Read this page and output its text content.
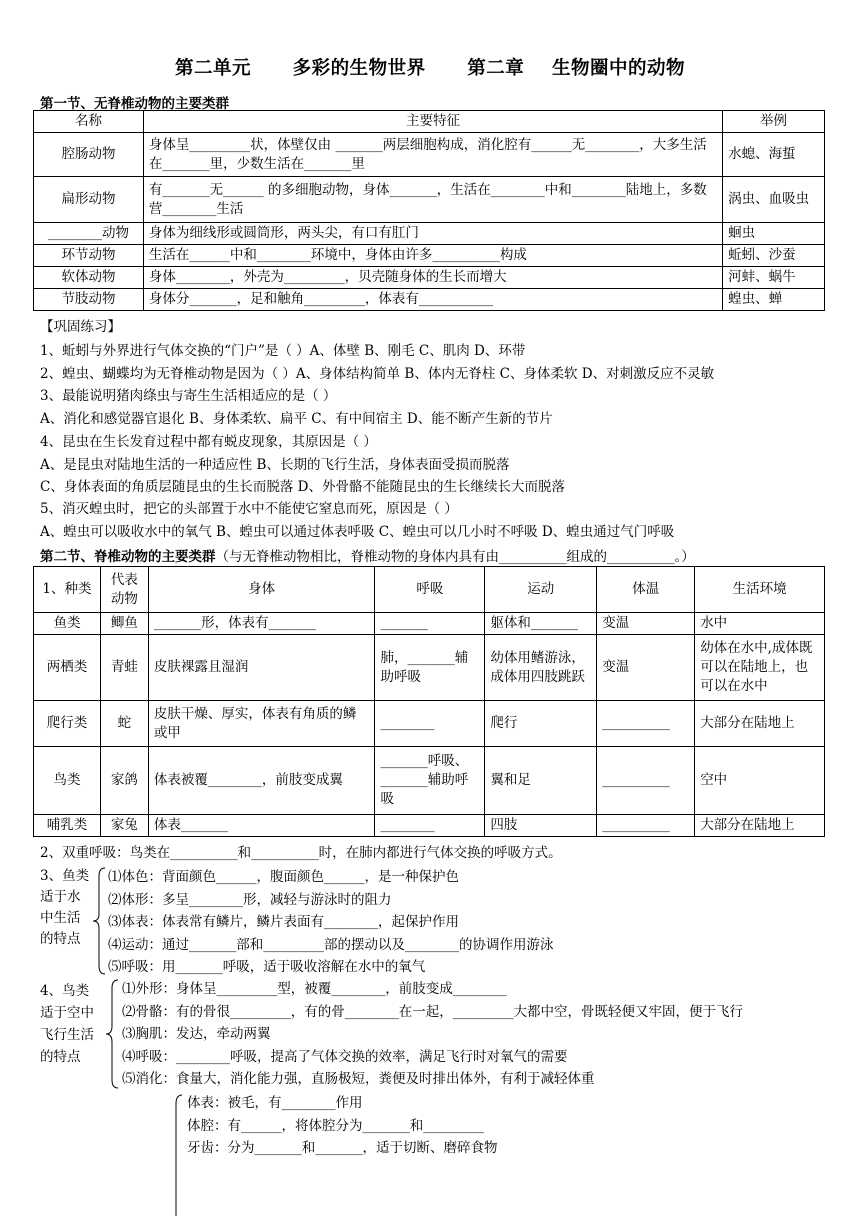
第二单元      多彩的生物世界      第二章    生物圈中的动物
第一节、无脊椎动物的主要类群
名称	主要特征	举例
腔肠动物	身体呈_________状，体壁仅由 _______两层细胞构成，消化腔有______无________，大多生活在_______里，少数生活在_______里	水螅、海蜇
扁形动物	有_______无______ 的多细胞动物，身体_______，生活在________中和________陆地上，多数营________生活	涡虫、血吸虫
________动物	身体为细线形或圆筒形，两头尖，有口有肛门	蛔虫
环节动物	生活在______中和________环境中，身体由许多__________构成	蚯蚓、沙蚕
软体动物	身体________，外壳为_________，贝壳随身体的生长而增大	河蚌、蜗牛
节肢动物	身体分_______，足和触角_________，体表有___________	蝗虫、蝉
【巩固练习】
1、蚯蚓与外界进行气体交换的“门户”是（ ）A、体壁 B、刚毛 C、肌肉 D、环带
2、蝗虫、蝴蝶均为无脊椎动物是因为（ ）A、身体结构简单 B、体内无脊柱 C、身体柔软 D、对刺激反应不灵敏
3、最能说明猪肉绦虫与寄生生活相适应的是（ ）
A、消化和感觉器官退化 B、身体柔软、扁平 C、有中间宿主 D、能不断产生新的节片
4、昆虫在生长发育过程中都有蜕皮现象，其原因是（ ）
A、是昆虫对陆地生活的一种适应性 B、长期的飞行生活，身体表面受损而脱落
C、身体表面的角质层随昆虫的生长而脱落 D、外骨骼不能随昆虫的生长继续长大而脱落
5、消灭蝗虫时，把它的头部置于水中不能使它窒息而死，原因是（ ）
A、蝗虫可以吸收水中的氧气 B、蝗虫可以通过体表呼吸 C、蝗虫可以几小时不呼吸 D、蝗虫通过气门呼吸
第二节、脊椎动物的主要类群（与无脊椎动物相比，脊椎动物的身体内具有由__________组成的__________。）
1、种类	代表动物	身体	呼吸	运动	体温	生活环境
鱼类	鲫鱼	_______形，体表有_______	_______	躯体和_______	变温	水中
两栖类	青蛙	皮肤裸露且湿润	肺，_______辅助呼吸	幼体用鳍游泳，成体用四肢跳跃	变温	幼体在水中,成体既可以在陆地上，也可以在水中
爬行类	蛇	皮肤干燥、厚实，体表有角质的鳞或甲	________	爬行	__________	大部分在陆地上
鸟类	家鸽	体表被覆________，前肢变成翼	_______呼吸、_______辅助呼吸	翼和足	__________	空中
哺乳类	家兔	体表_______	________	四肢	__________	大部分在陆地上
2、双重呼吸：鸟类在__________和__________时，在肺内都进行气体交换的呼吸方式。
3、鱼类
适于水
中生活
的特点
⑴体色：背面颜色______，腹面颜色______，是一种保护色
⑵体形：多呈________形，减轻与游泳时的阻力
⑶体表：体表常有鳞片，鳞片表面有________，起保护作用
⑷运动：通过_______部和_________部的摆动以及________的协调作用游泳
⑸呼吸：用_______呼吸，适于吸收溶解在水中的氧气
4、鸟类
适于空中
飞行生活
的特点
⑴外形：身体呈_________型，被覆________，前肢变成________
⑵骨骼：有的骨很_________，有的骨________在一起，_________大都中空，骨既轻便又牢固，便于飞行
⑶胸肌：发达，牵动两翼
⑷呼吸：________呼吸，提高了气体交换的效率，满足飞行时对氧气的需要
⑸消化：食量大，消化能力强，直肠极短，粪便及时排出体外，有利于减轻体重
体表：被毛，有________作用
体腔：有______，将体腔分为_______和_________
牙齿：分为_______和_______，适于切断、磨碎食物
